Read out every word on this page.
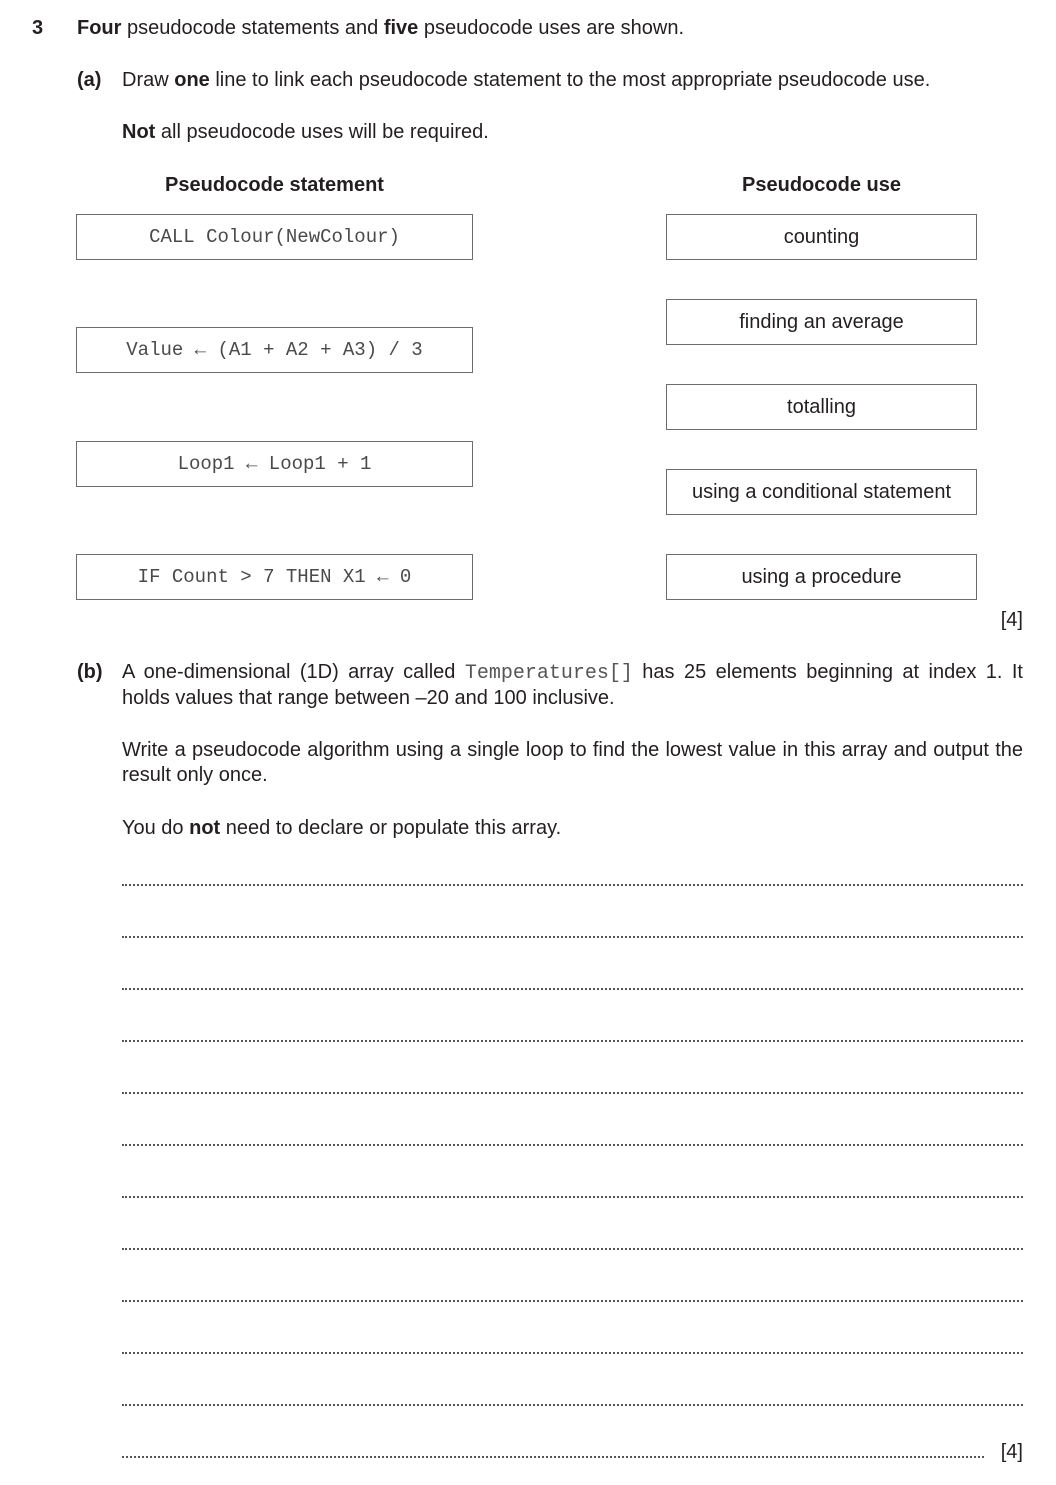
3 Four pseudocode statements and five pseudocode uses are shown.
(a) Draw one line to link each pseudocode statement to the most appropriate pseudocode use.
Not all pseudocode uses will be required.
Pseudocode statement	Pseudocode use
CALL Colour(NewColour)
Value ← (A1 + A2 + A3) / 3
Loop1 ← Loop1 + 1
IF Count > 7 THEN X1 ← 0
counting
finding an average
totalling
using a conditional statement
using a procedure
[4]
(b) A one-dimensional (1D) array called Temperatures[] has 25 elements beginning at index 1. It holds values that range between –20 and 100 inclusive.
Write a pseudocode algorithm using a single loop to find the lowest value in this array and output the result only once.
You do not need to declare or populate this array.
[4]
